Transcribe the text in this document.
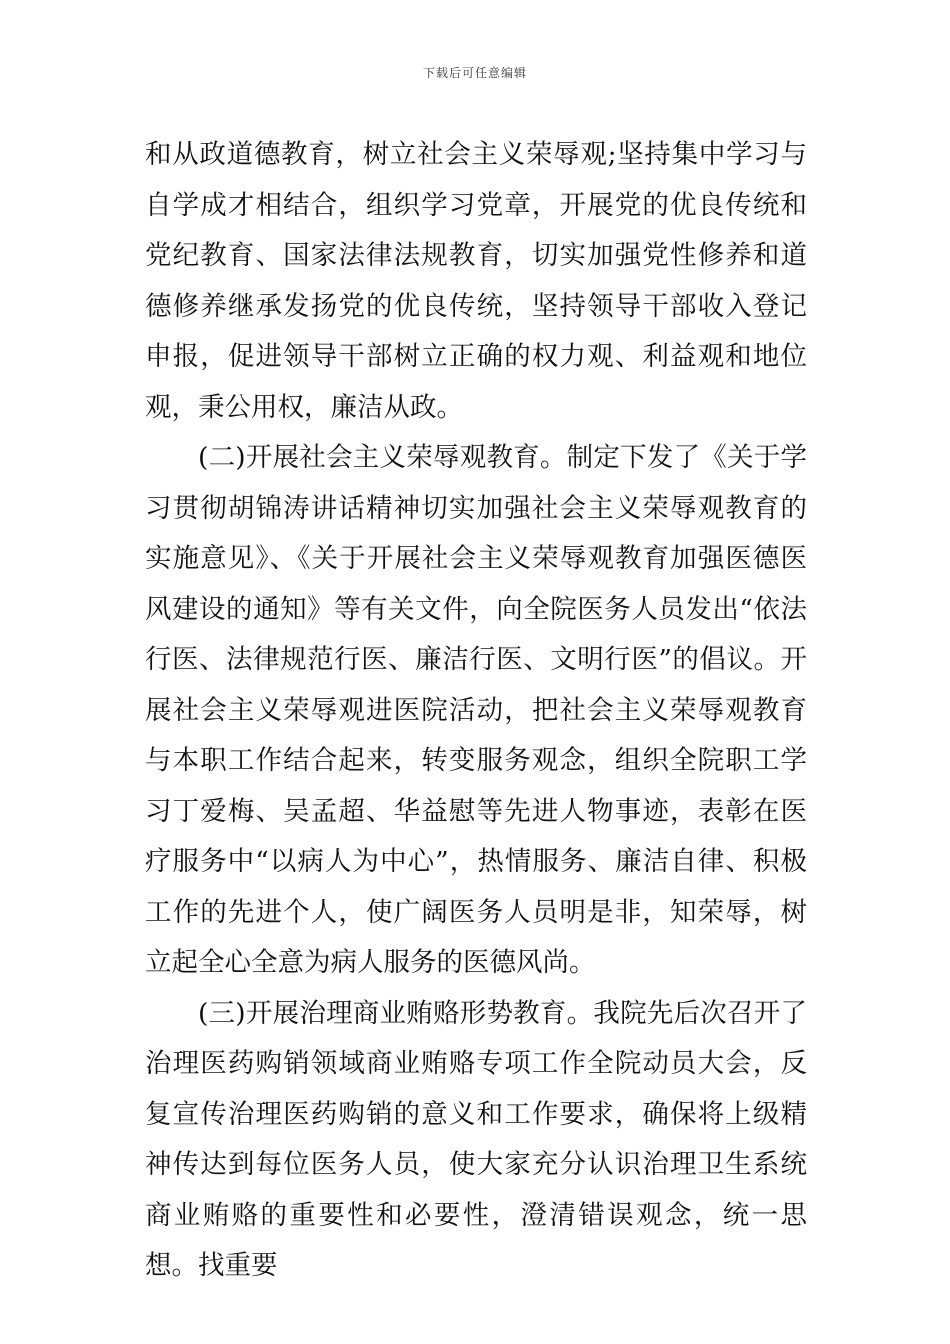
下载后可任意编辑

和从政道德教育，树立社会主义荣辱观;坚持集中学习与自学成才相结合，组织学习党章，开展党的优良传统和党纪教育、国家法律法规教育，切实加强党性修养和道德修养继承发扬党的优良传统，坚持领导干部收入登记申报，促进领导干部树立正确的权力观、利益观和地位观，秉公用权，廉洁从政。

(二)开展社会主义荣辱观教育。制定下发了《关于学习贯彻胡锦涛讲话精神切实加强社会主义荣辱观教育的实施意见》、《关于开展社会主义荣辱观教育加强医德医风建设的通知》等有关文件，向全院医务人员发出“依法行医、法律规范行医、廉洁行医、文明行医”的倡议。开展社会主义荣辱观进医院活动，把社会主义荣辱观教育与本职工作结合起来，转变服务观念，组织全院职工学习丁爱梅、吴孟超、华益慰等先进人物事迹，表彰在医疗服务中“以病人为中心”，热情服务、廉洁自律、积极工作的先进个人，使广阔医务人员明是非，知荣辱，树立起全心全意为病人服务的医德风尚。

(三)开展治理商业贿赂形势教育。我院先后次召开了治理医药购销领域商业贿赂专项工作全院动员大会，反复宣传治理医药购销的意义和工作要求，确保将上级精神传达到每位医务人员，使大家充分认识治理卫生系统商业贿赂的重要性和必要性，澄清错误观念，统一思想。找重要
